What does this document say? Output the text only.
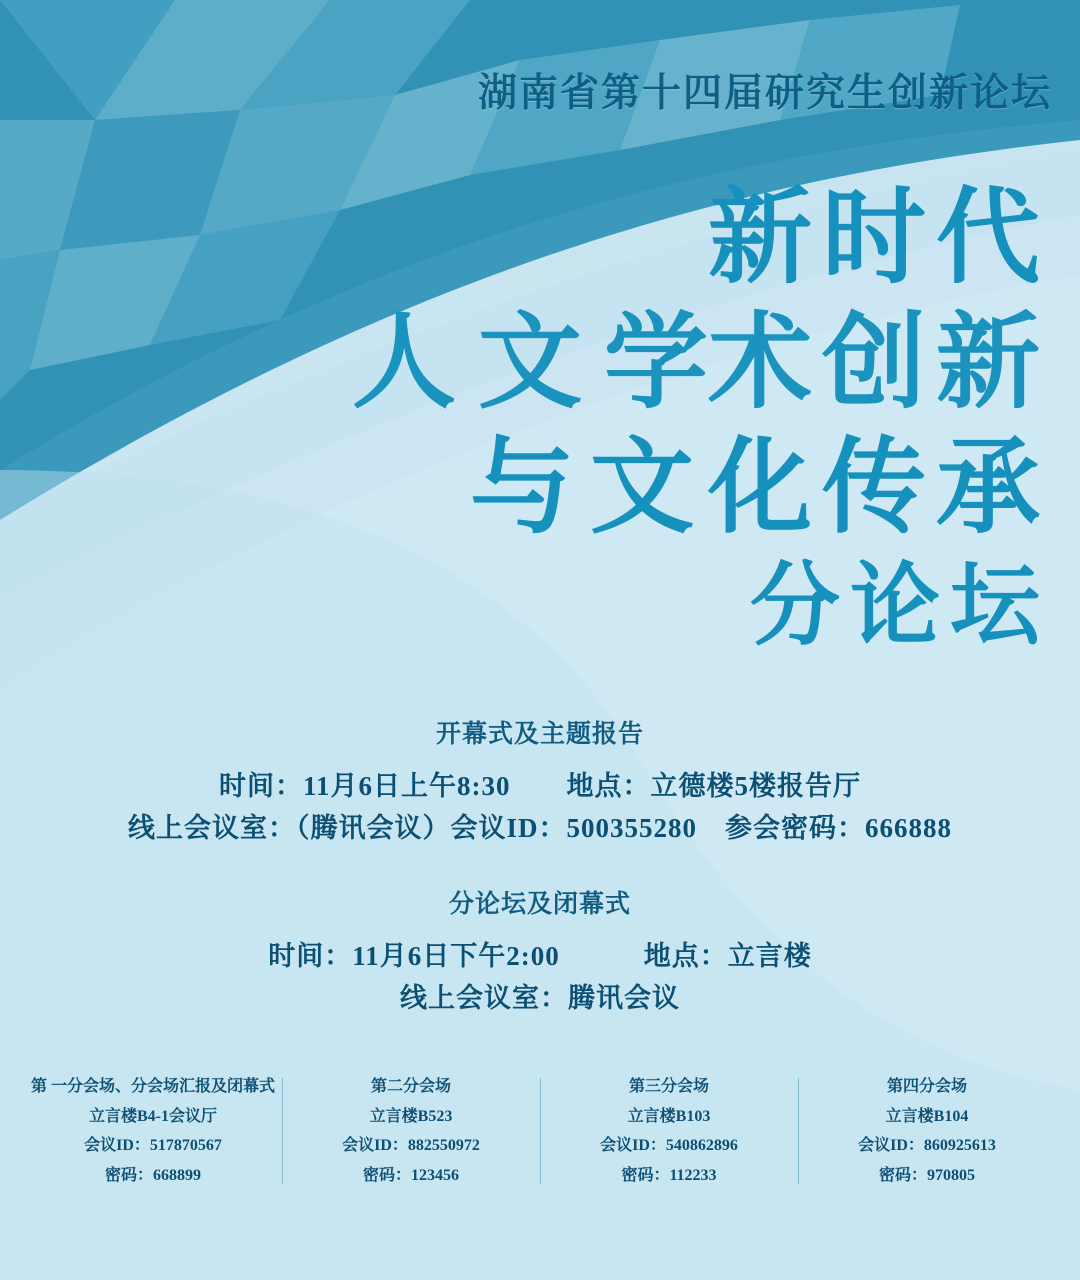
湖南省第十四届研究生创新论坛
新时代
人文学
术创新
与文
化传承
分论坛
开幕式及主题报告
时间：11月6日上午8:30　　地点：立德楼5楼报告厅
线上会议室：（腾讯会议）会议ID：500355280　参会密码：666888
分论坛及闭幕式
时间：11月6日下午2:00　　　地点：立言楼
线上会议室：腾讯会议
第 一分会场、分会场汇报及闭幕式
立言楼B4-1会议厅
会议ID：517870567
密码：668899
第二分会场
立言楼B523
会议ID：882550972
密码：123456
第三分会场
立言楼B103
会议ID：540862896
密码：112233
第四分会场
立言楼B104
会议ID：860925613
密码：970805
